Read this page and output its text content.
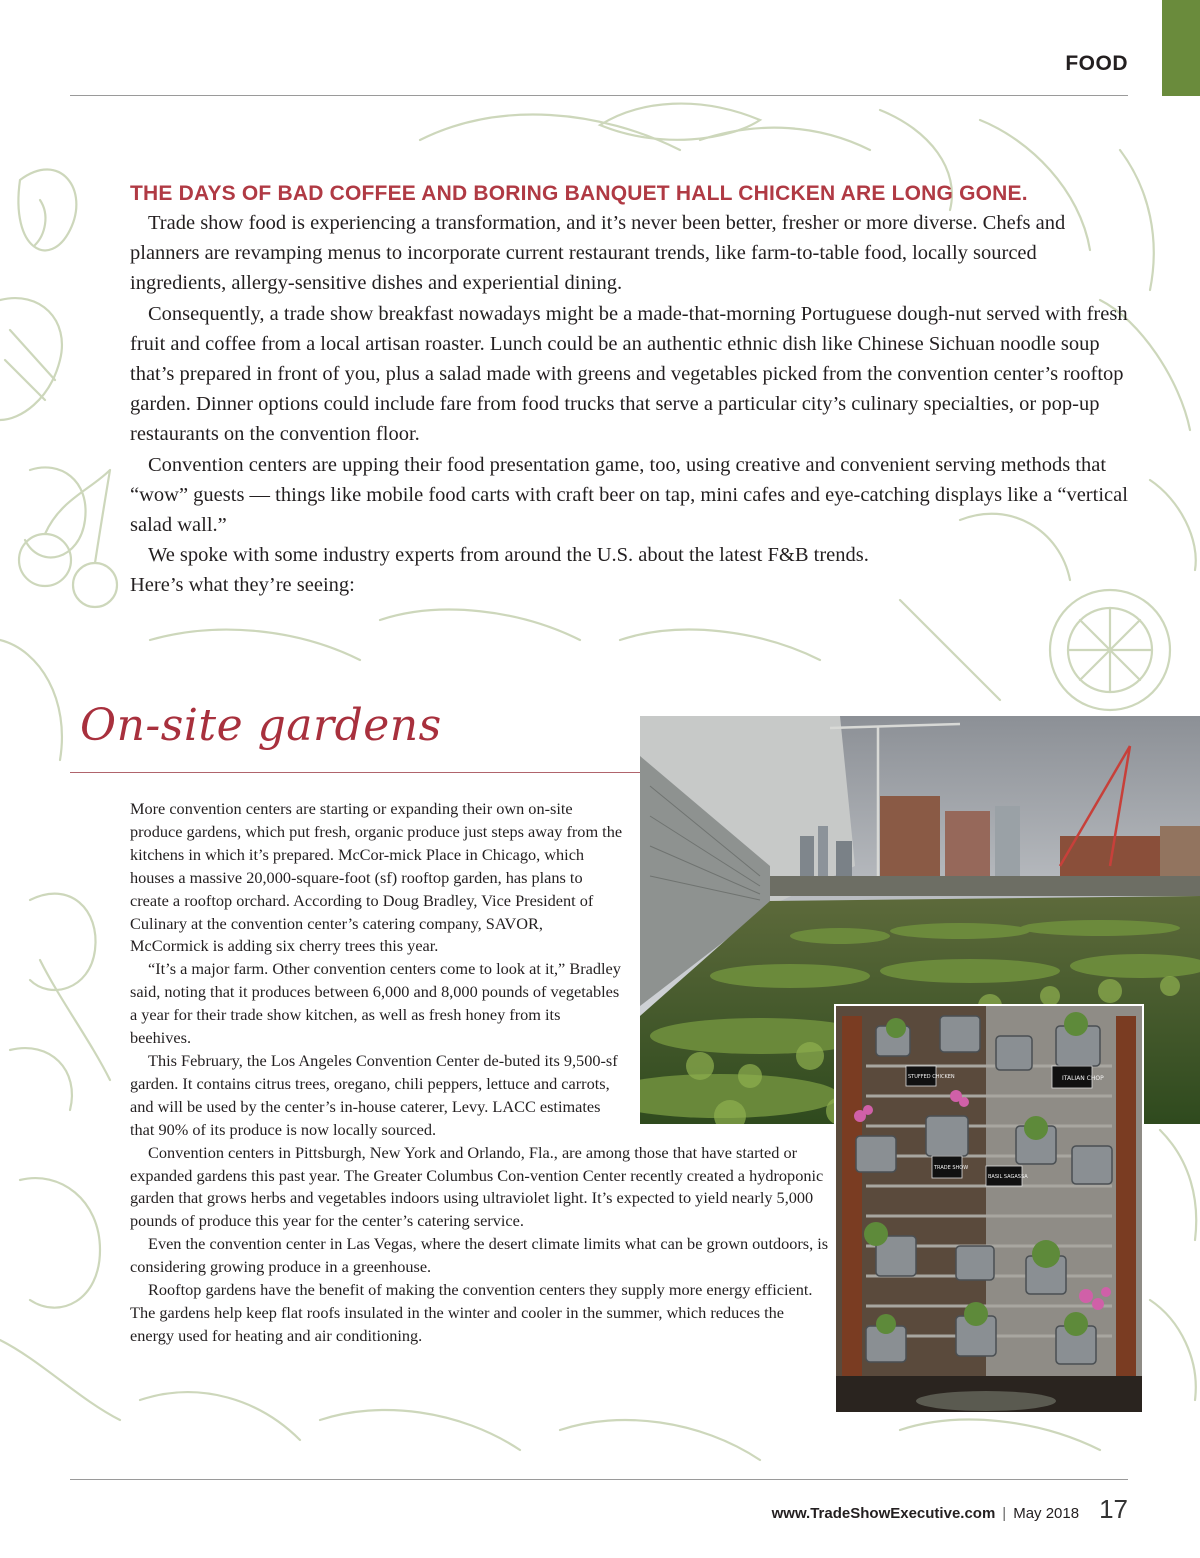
FOOD
THE DAYS OF BAD COFFEE AND BORING BANQUET HALL CHICKEN ARE LONG GONE.

Trade show food is experiencing a transformation, and it’s never been better, fresher or more diverse. Chefs and planners are revamping menus to incorporate current restaurant trends, like farm-to-table food, locally sourced ingredients, allergy-sensitive dishes and experiential dining.

Consequently, a trade show breakfast nowadays might be a made-that-morning Portuguese dough-nut served with fresh fruit and coffee from a local artisan roaster. Lunch could be an authentic ethnic dish like Chinese Sichuan noodle soup that’s prepared in front of you, plus a salad made with greens and vegetables picked from the convention center’s rooftop garden. Dinner options could include fare from food trucks that serve a particular city’s culinary specialties, or pop-up restaurants on the convention floor.

Convention centers are upping their food presentation game, too, using creative and convenient serving methods that “wow” guests — things like mobile food carts with craft beer on tap, mini cafes and eye-catching displays like a “vertical salad wall.”

We spoke with some industry experts from around the U.S. about the latest F&B trends.

Here’s what they’re seeing:

On-site gardens
ITALIAN CHOP
STUFFED CHICKEN
BASIL SAGASSA
TRADE SHOW

More convention centers are starting or expanding their own on-site produce gardens, which put fresh, organic produce just steps away from the kitchens in which it’s prepared. McCor-mick Place in Chicago, which houses a massive 20,000-square-foot (sf) rooftop garden, has plans to create a rooftop orchard. According to Doug Bradley, Vice President of Culinary at the convention center’s catering company, SAVOR, McCormick is adding six cherry trees this year.

“It’s a major farm. Other convention centers come to look at it,” Bradley said, noting that it produces between 6,000 and 8,000 pounds of vegetables a year for their trade show kitchen, as well as fresh honey from its beehives.

This February, the Los Angeles Convention Center de-buted its 9,500-sf garden. It contains citrus trees, oregano, chili peppers, lettuce and carrots, and will be used by the center’s in-house caterer, Levy. LACC estimates that 90% of its produce is now locally sourced.

Convention centers in Pittsburgh, New York and Orlando, Fla., are among those that have started or expanded gardens this past year. The Greater Columbus Con-vention Center recently created a hydroponic garden that grows herbs and vegetables indoors using ultraviolet light. It’s expected to yield nearly 5,000 pounds of produce this year for the center’s catering service.

Even the convention center in Las Vegas, where the desert climate limits what can be grown outdoors, is considering growing produce in a greenhouse.

Rooftop gardens have the benefit of making the convention centers they supply more energy efficient. The gardens help keep flat roofs insulated in the winter and cooler in the summer, which reduces the energy used for heating and air conditioning.

www.TradeShowExecutive.com | May 2018 17
